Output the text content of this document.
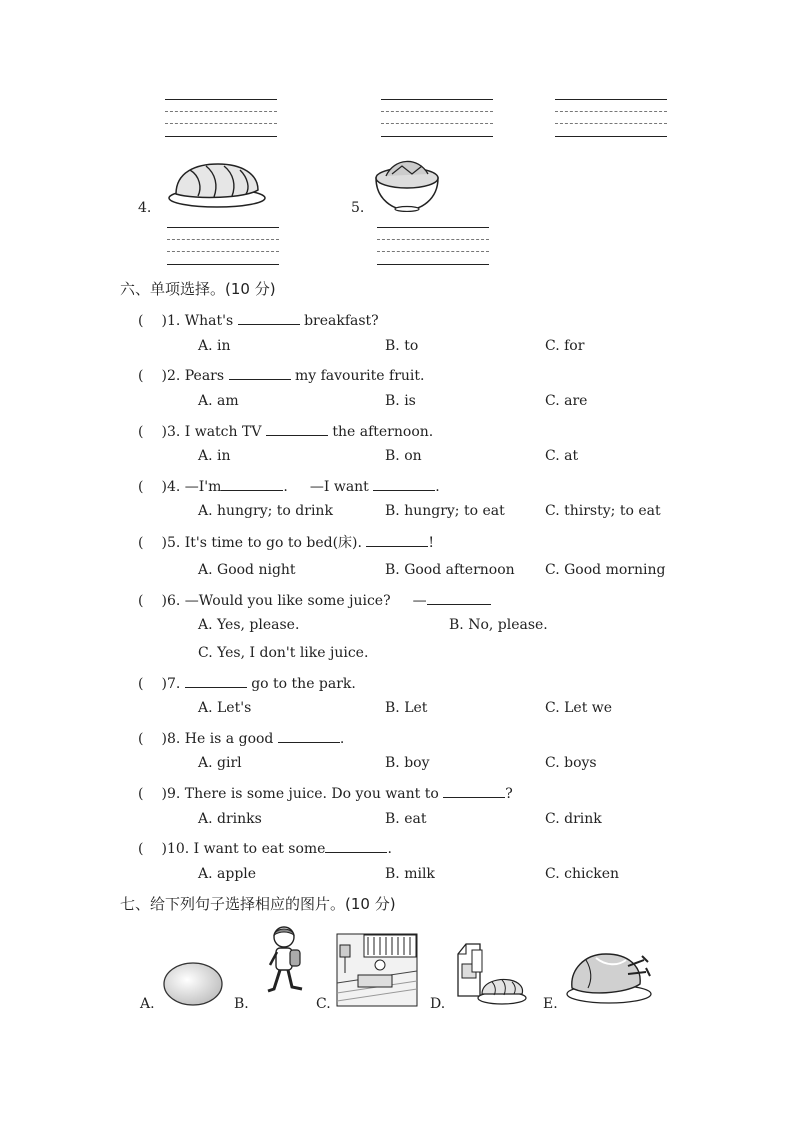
4.	5.
六、单项选择。(10 分)
( )1. What's	breakfast?
A. in	B. to	C. for
( )2. Pears	my favourite fruit.
A. am	B. is	C. are
( )3. I watch TV	the afternoon.
A. in	B. on	C. at
( )4. —I'm	. —I want	.
A. hungry; to drink	B. hungry; to eat	C. thirsty; to eat
( )5. It's time to go to bed(床).	!
A. Good night	B. Good afternoon C. Good morning
( )6. —Would you like some juice? —
A. Yes, please.	B. No, please.
C. Yes, I don't like juice.
( )7.	go to the park.
A. Let's	B. Let	C. Let we
( )8. He is a good	.
A. girl	B. boy	C. boys
( )9. There is some juice. Do you want to	?
A. drinks	B. eat	C. drink
( )10. I want to eat some	.
A. apple	B. milk	C. chicken
七、给下列句子选择相应的图片。(10 分)
A.	B.	C.	D.	E.
